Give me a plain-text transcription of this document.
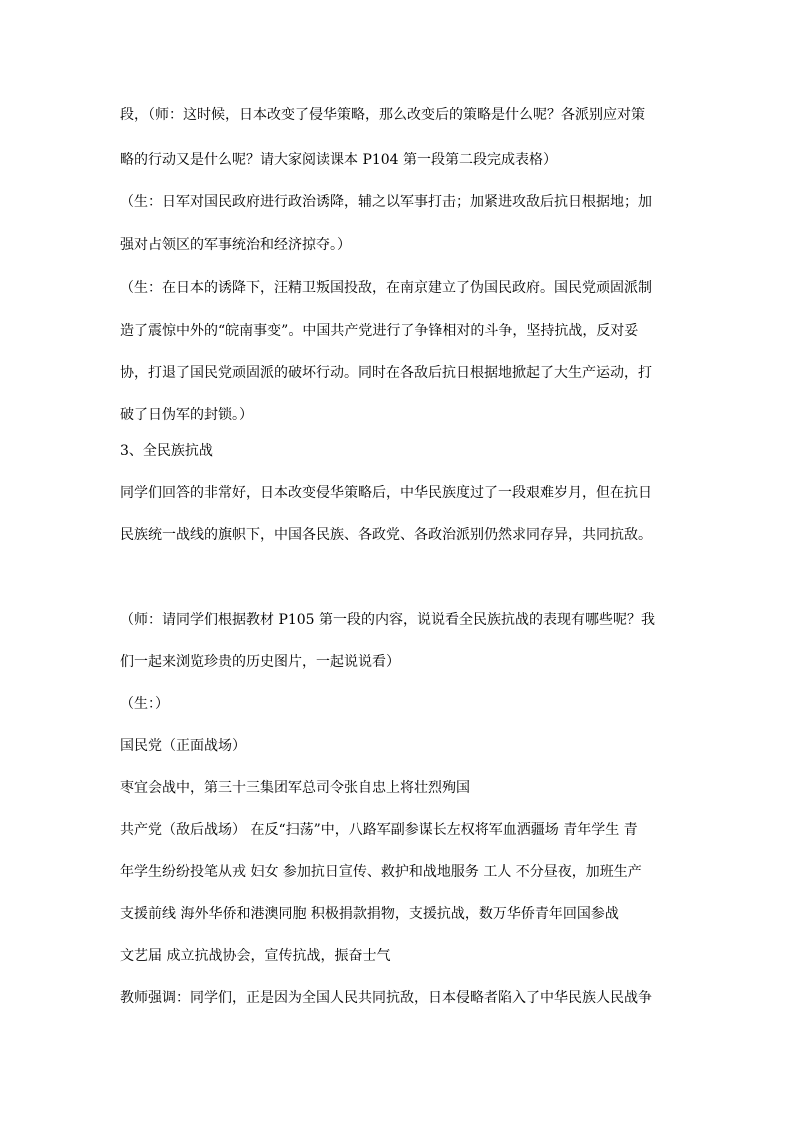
段，（师：这时候，日本改变了侵华策略，那么改变后的策略是什么呢？各派别应对策
略的行动又是什么呢？请大家阅读课本 P104 第一段第二段完成表格）
（生：日军对国民政府进行政治诱降，辅之以军事打击；加紧进攻敌后抗日根据地；加
强对占领区的军事统治和经济掠夺。）
（生：在日本的诱降下，汪精卫叛国投敌，在南京建立了伪国民政府。国民党顽固派制
造了震惊中外的“皖南事变”。中国共产党进行了争锋相对的斗争，坚持抗战，反对妥
协，打退了国民党顽固派的破坏行动。同时在各敌后抗日根据地掀起了大生产运动，打
破了日伪军的封锁。）
3、全民族抗战
同学们回答的非常好，日本改变侵华策略后，中华民族度过了一段艰难岁月，但在抗日
民族统一战线的旗帜下，中国各民族、各政党、各政治派别仍然求同存异，共同抗敌。
（师：请同学们根据教材 P105 第一段的内容，说说看全民族抗战的表现有哪些呢？我
们一起来浏览珍贵的历史图片，一起说说看）
（生：）
国民党（正面战场）
枣宜会战中，第三十三集团军总司令张自忠上将壮烈殉国
共产党（敌后战场） 在反“扫荡”中，八路军副参谋长左权将军血洒疆场 青年学生 青
年学生纷纷投笔从戎 妇女 参加抗日宣传、救护和战地服务 工人 不分昼夜，加班生产
支援前线 海外华侨和港澳同胞 积极捐款捐物，支援抗战，数万华侨青年回国参战
文艺届 成立抗战协会，宣传抗战，振奋士气
教师强调：同学们，正是因为全国人民共同抗敌，日本侵略者陷入了中华民族人民战争
